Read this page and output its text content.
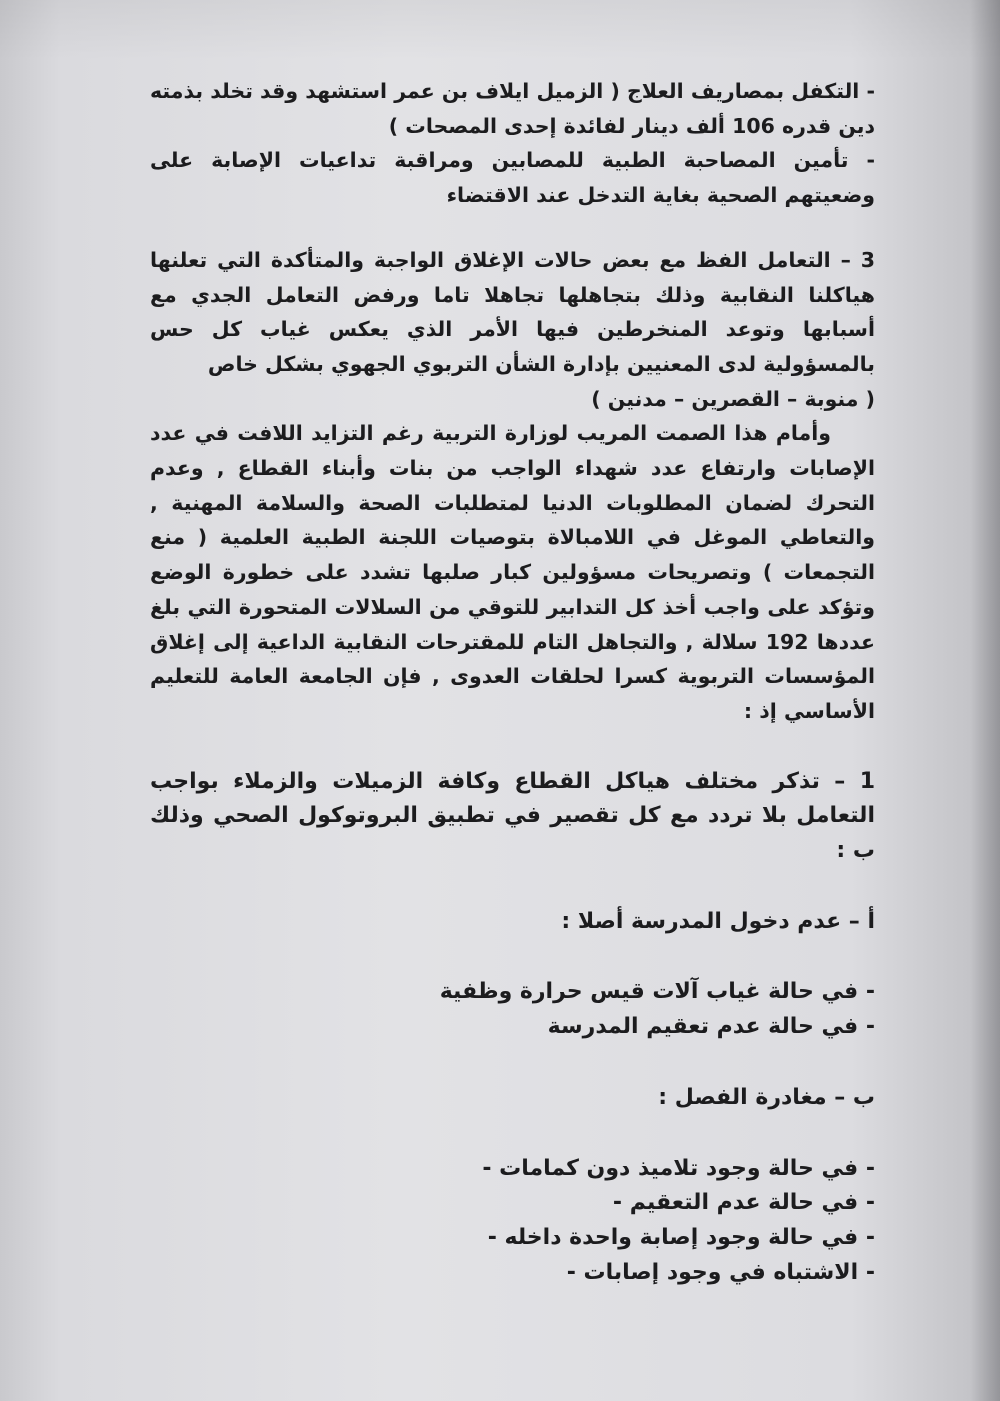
- التكفل بمصاريف العلاج ( الزميل ايلاف بن عمر استشهد وقد تخلد بذمته دين قدره 106 ألف دينار لفائدة إحدى المصحات )

- تأمين المصاحبة الطبية للمصابين ومراقبة تداعيات الإصابة على وضعيتهم الصحية بغاية التدخل عند الاقتضاء

3 – التعامل الفظ مع بعض حالات الإغلاق الواجبة والمتأكدة التي تعلنها هياكلنا النقابية وذلك بتجاهلها تجاهلا تاما ورفض التعامل الجدي مع أسبابها وتوعد المنخرطين فيها الأمر الذي يعكس غياب كل حس بالمسؤولية لدى المعنيين بإدارة الشأن التربوي الجهوي بشكل خاص

( منوبة – القصرين – مدنين )

وأمام هذا الصمت المريب لوزارة التربية رغم التزايد اللافت في عدد الإصابات وارتفاع عدد شهداء الواجب من بنات وأبناء القطاع , وعدم التحرك لضمان المطلوبات الدنيا لمتطلبات الصحة والسلامة المهنية , والتعاطي الموغل في اللامبالاة بتوصيات اللجنة الطبية العلمية ( منع التجمعات ) وتصريحات مسؤولين كبار صلبها تشدد على خطورة الوضع وتؤكد على واجب أخذ كل التدابير للتوقي من السلالات المتحورة التي بلغ عددها 192 سلالة , والتجاهل التام للمقترحات النقابية الداعية إلى إغلاق المؤسسات التربوية كسرا لحلقات العدوى , فإن الجامعة العامة للتعليم الأساسي إذ :

1 – تذكر مختلف هياكل القطاع وكافة الزميلات والزملاء بواجب التعامل بلا تردد مع كل تقصير في تطبيق البروتوكول الصحي وذلك ب :

أ – عدم دخول المدرسة أصلا :

- في حالة غياب آلات قيس حرارة وظفية

- في حالة عدم تعقيم المدرسة

ب – مغادرة الفصل :

- في حالة وجود تلاميذ دون كمامات -

- في حالة عدم التعقيم -

- في حالة وجود إصابة واحدة داخله -

- الاشتباه في وجود إصابات -
